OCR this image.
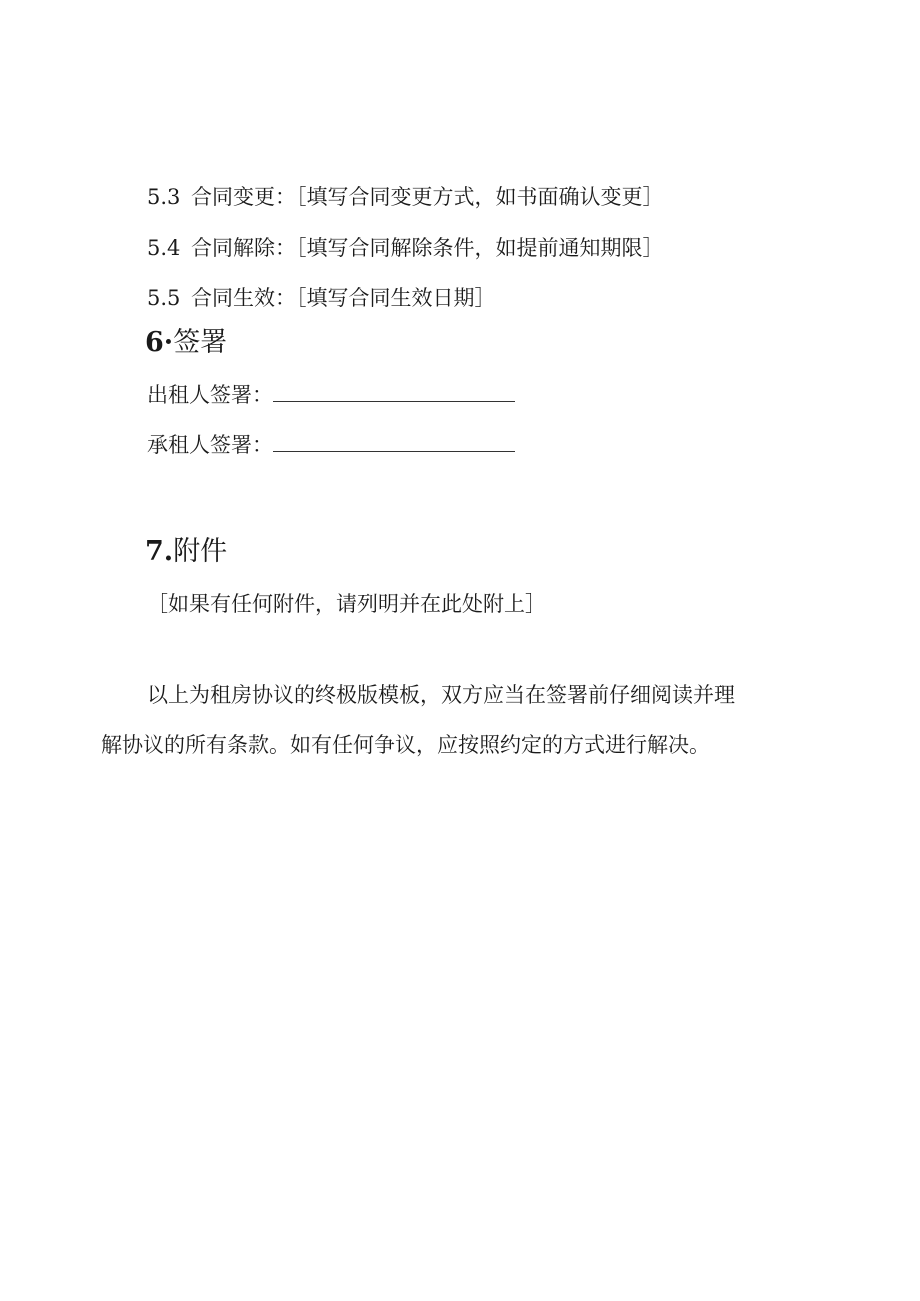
5.3 合同变更：［填写合同变更方式，如书面确认变更］
5.4 合同解除：［填写合同解除条件，如提前通知期限］
5.5 合同生效：［填写合同生效日期］
6·签署
出租人签署：
承租人签署：
7.附件
［如果有任何附件，请列明并在此处附上］
以上为租房协议的终极版模板，双方应当在签署前仔细阅读并理
解协议的所有条款。如有任何争议，应按照约定的方式进行解决。
